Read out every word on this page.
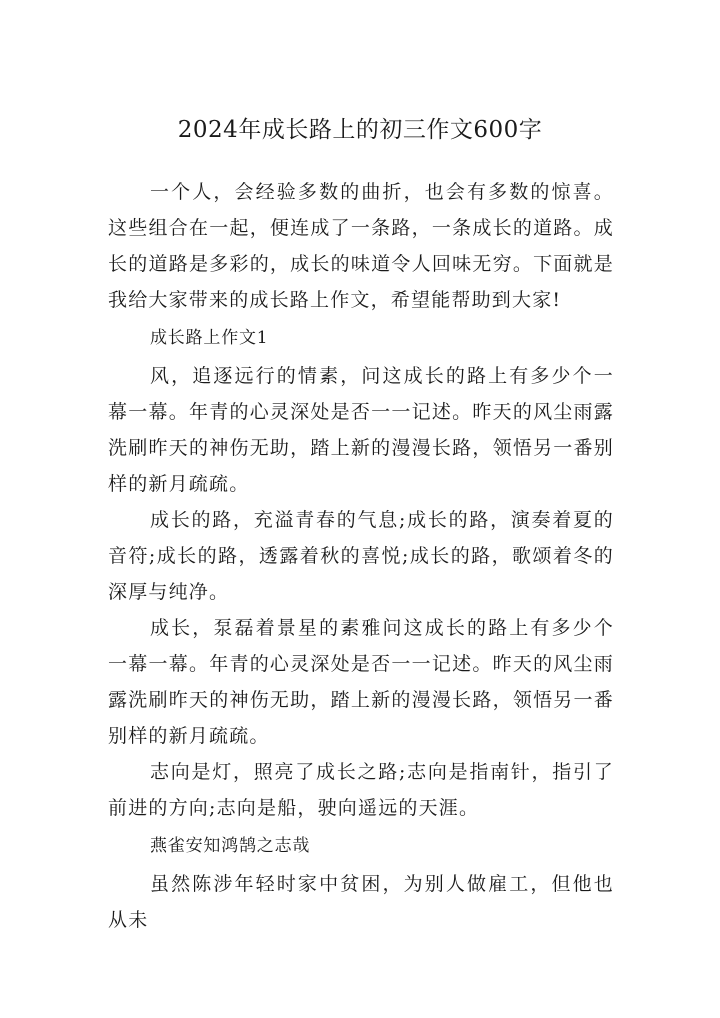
2024年成长路上的初三作文600字

一个人，会经验多数的曲折，也会有多数的惊喜。这些组合在一起，便连成了一条路，一条成长的道路。成长的道路是多彩的，成长的味道令人回味无穷。下面就是我给大家带来的成长路上作文，希望能帮助到大家!

成长路上作文1

风，追逐远行的情素，问这成长的路上有多少个一幕一幕。年青的心灵深处是否一一记述。昨天的风尘雨露洗刷昨天的神伤无助，踏上新的漫漫长路，领悟另一番别样的新月疏疏。

成长的路，充溢青春的气息;成长的路，演奏着夏的音符;成长的路，透露着秋的喜悦;成长的路，歌颂着冬的深厚与纯净。

成长，泵磊着景星的素雅问这成长的路上有多少个一幕一幕。年青的心灵深处是否一一记述。昨天的风尘雨露洗刷昨天的神伤无助，踏上新的漫漫长路，领悟另一番别样的新月疏疏。

志向是灯，照亮了成长之路;志向是指南针，指引了前进的方向;志向是船，驶向遥远的天涯。

燕雀安知鸿鹄之志哉

虽然陈涉年轻时家中贫困，为别人做雇工，但他也从未
